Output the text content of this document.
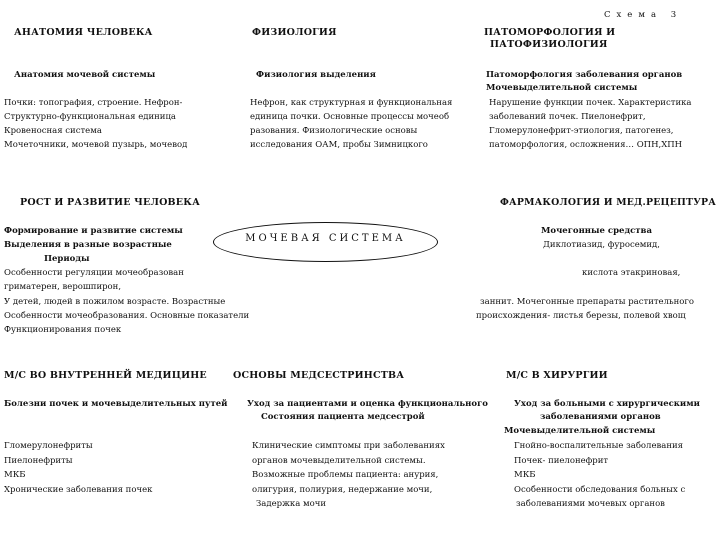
Схема 3
АНАТОМИЯ ЧЕЛОВЕКА
Анатомия мочевой системы
Почки: топография, строение. Нефрон-
Структурно-функциональная единица
Кровеносная система
Мочеточники, мочевой пузырь, мочевод
ФИЗИОЛОГИЯ
Физиология выделения
Нефрон, как структурная и функциональная
единица почки. Основные процессы мочеоб
разования. Физиологические основы
исследования ОАМ, пробы Зимницкого
ПАТОМОРФОЛОГИЯ И
ПАТОФИЗИОЛОГИЯ
Патоморфология заболевания органов
Мочевыделительной системы
Нарушение функции почек. Характеристика
заболеваний почек. Пиелонефрит,
Гломерулонефрит-этиология, патогенез,
патоморфология, осложнения… ОПН,ХПН
РОСТ И РАЗВИТИЕ ЧЕЛОВЕКА
Формирование и развитие системы
Выделения в разные возрастные
Периоды
Особенности регуляции мочеобразован
гриматерен, верошпирон,
У детей, людей в пожилом возрасте. Возрастные
Особенности мочеобразования. Основные показатели
Функционирования почек
МОЧЕВАЯ СИСТЕМА
ФАРМАКОЛОГИЯ И МЕД.РЕЦЕПТУРА
Мочегонные средства
Диклотиазид, фуросемид,
кислота этакриновая,
заннит. Мочегонные препараты растительного
происхождения- листья березы, полевой хвощ
М/С ВО ВНУТРЕННЕЙ МЕДИЦИНЕ
Болезни почек и мочевыделительных путей
Гломерулонефриты
Пиелонефриты
МКБ
Хронические заболевания почек
ОСНОВЫ МЕДСЕСТРИНСТВА
Уход за пациентами и оценка функционального
Состояния пациента медсестрой
Клинические симптомы при заболеваниях
органов мочевыделительной системы.
Возможные проблемы пациента: анурия,
олигурия, полиурия, недержание мочи,
Задержка мочи
М/С В ХИРУРГИИ
Уход за больными с хирургическими
заболеваниями органов
Мочевыделительной системы
Гнойно-воспалительные заболевания
Почек- пиелонефрит
МКБ
Особенности обследования больных с
заболеваниями мочевых органов
